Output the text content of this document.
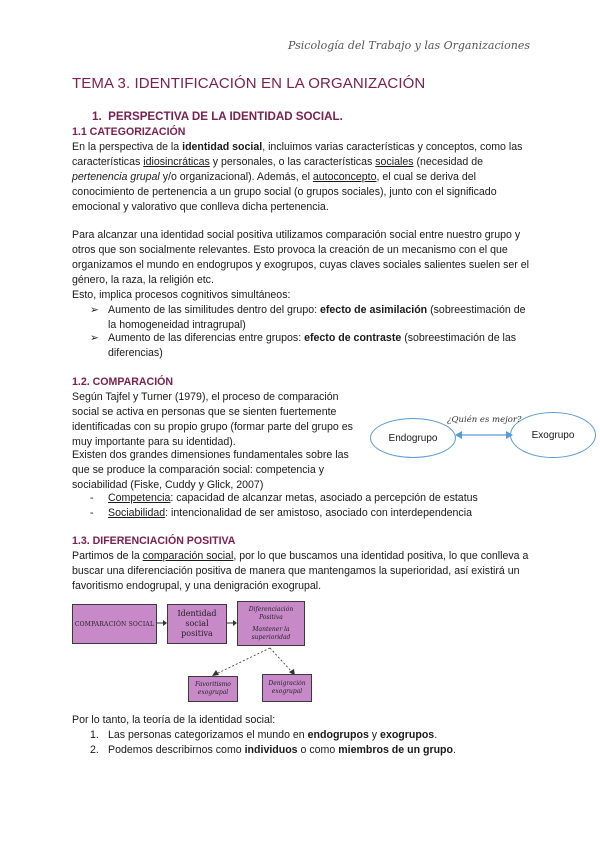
Psicología del Trabajo y las Organizaciones
TEMA 3. IDENTIFICACIÓN EN LA ORGANIZACIÓN
1. PERSPECTIVA DE LA IDENTIDAD SOCIAL.
1.1 CATEGORIZACIÓN
En la perspectiva de la identidad social, incluimos varias características y conceptos, como las características idiosincráticas y personales, o las características sociales (necesidad de pertenencia grupal y/o organizacional). Además, el autoconcepto, el cual se deriva del conocimiento de pertenencia a un grupo social (o grupos sociales), junto con el significado emocional y valorativo que conlleva dicha pertenencia.
Para alcanzar una identidad social positiva utilizamos comparación social entre nuestro grupo y otros que son socialmente relevantes. Esto provoca la creación de un mecanismo con el que organizamos el mundo en endogrupos y exogrupos, cuyas claves sociales salientes suelen ser el género, la raza, la religión etc.
Esto, implica procesos cognitivos simultáneos:
➢ Aumento de las similitudes dentro del grupo: efecto de asimilación (sobreestimación de la homogeneidad intragrupal)
➢ Aumento de las diferencias entre grupos: efecto de contraste (sobreestimación de las diferencias)
1.2. COMPARACIÓN
Según Tajfel y Turner (1979), el proceso de comparación social se activa en personas que se sienten fuertemente identificadas con su propio grupo (formar parte del grupo es muy importante para su identidad).
Existen dos grandes dimensiones fundamentales sobre las que se produce la comparación social: competencia y sociabilidad (Fiske, Cuddy y Glick, 2007)
Endogrupo	Exogrupo
¿Quién es mejor?
- Competencia: capacidad de alcanzar metas, asociado a percepción de estatus
- Sociabilidad: intencionalidad de ser amistoso, asociado con interdependencia
1.3. DIFERENCIACIÓN POSITIVA
Partimos de la comparación social, por lo que buscamos una identidad positiva, lo que conlleva a buscar una diferenciación positiva de manera que mantengamos la superioridad, así existirá un favoritismo endogrupal, y una denigración exogrupal.
COMPARACIÓN SOCIAL
Identidad social positiva
Diferenciación Positiva
Mantener la superioridad
Favoritismo exogrupal
Denigración exogrupal
Por lo tanto, la teoría de la identidad social:
1. Las personas categorizamos el mundo en endogrupos y exogrupos.
2. Podemos describirnos como individuos o como miembros de un grupo.
